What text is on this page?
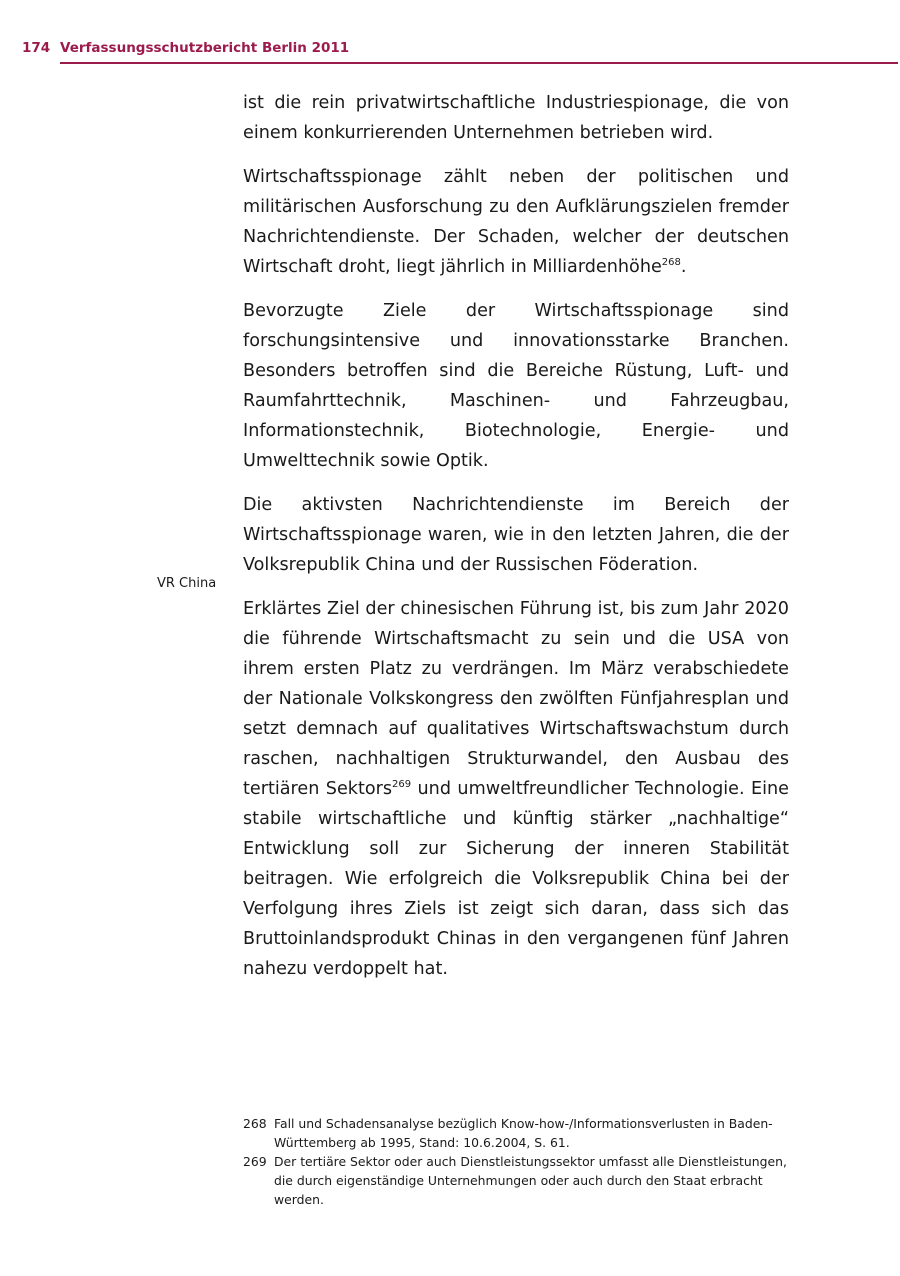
174 Verfassungsschutzbericht Berlin 2011
VR China

ist die rein privatwirtschaftliche Industriespionage, die von einem konkurrierenden Unternehmen betrieben wird.

Wirtschaftsspionage zählt neben der politischen und militärischen Ausforschung zu den Aufklärungszielen fremder Nachrichtendienste. Der Schaden, welcher der deutschen Wirtschaft droht, liegt jährlich in Milliardenhöhe$^{268}$.

Bevorzugte Ziele der Wirtschaftsspionage sind forschungsintensive und innovationsstarke Branchen. Besonders betroffen sind die Bereiche Rüstung, Luft- und Raumfahrttechnik, Maschinen- und Fahrzeugbau, Informationstechnik, Biotechnologie, Energie- und Umwelttechnik sowie Optik.

Die aktivsten Nachrichtendienste im Bereich der Wirtschaftsspionage waren, wie in den letzten Jahren, die der Volksrepublik China und der Russischen Föderation.

Erklärtes Ziel der chinesischen Führung ist, bis zum Jahr 2020 die führende Wirtschaftsmacht zu sein und die USA von ihrem ersten Platz zu verdrängen. Im März verabschiedete der Nationale Volkskongress den zwölften Fünfjahresplan und setzt demnach auf qualitatives Wirtschaftswachstum durch raschen, nachhaltigen Strukturwandel, den Ausbau des tertiären Sektors$^{269}$ und umweltfreundlicher Technologie. Eine stabile wirtschaftliche und künftig stärker „nachhaltige“ Entwicklung soll zur Sicherung der inneren Stabilität beitragen. Wie erfolgreich die Volksrepublik China bei der Verfolgung ihres Ziels ist zeigt sich daran, dass sich das Bruttoinlandsprodukt Chinas in den vergangenen fünf Jahren nahezu verdoppelt hat.

268 Fall und Schadensanalyse bezüglich Know-how-/Informationsverlusten in Baden-Württemberg ab 1995, Stand: 10.6.2004, S. 61.
269 Der tertiäre Sektor oder auch Dienstleistungssektor umfasst alle Dienstleistungen, die durch eigenständige Unternehmungen oder auch durch den Staat erbracht werden.
